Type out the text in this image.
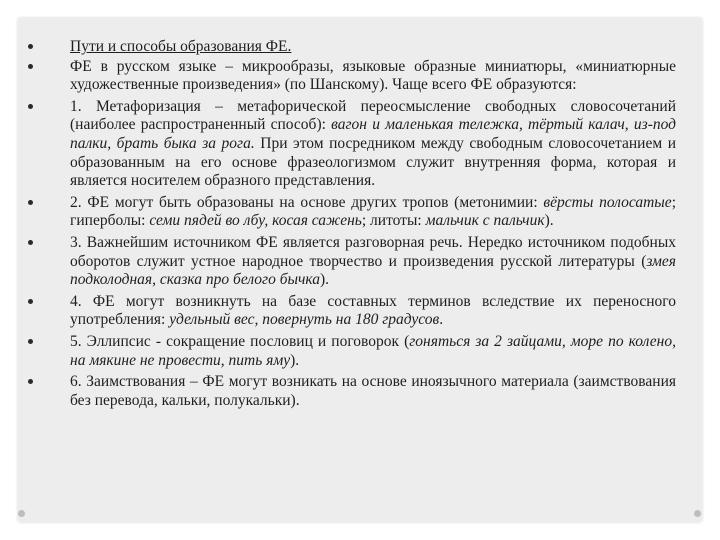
Пути и способы образования ФЕ.
ФЕ в русском языке – микрообразы, языковые образные миниатюры, «миниатюрные художественные произведения» (по Шанскому). Чаще всего ФЕ образуются:
1. Метафоризация – метафорической переосмысление свободных словосочетаний (наиболее распространенный способ): вагон и маленькая тележка, тёртый калач, из-под палки, брать быка за рога. При этом посредником между свободным словосочетанием и образованным на его основе фразеологизмом служит внутренняя форма, которая и является носителем образного представления.
2. ФЕ могут быть образованы на основе других тропов (метонимии: вёрсты полосатые; гиперболы: семи пядей во лбу, косая сажень; литоты: мальчик с пальчик).
3. Важнейшим источником ФЕ является разговорная речь. Нередко источником подобных оборотов служит устное народное творчество и произведения русской литературы (змея подколодная, сказка про белого бычка).
4. ФЕ могут возникнуть на базе составных терминов вследствие их переносного употребления: удельный вес, повернуть на 180 градусов.
5. Эллипсис - сокращение пословиц и поговорок (гоняться за 2 зайцами, море по колено, на мякине не провести, пить яму).
6. Заимствования – ФЕ могут возникать на основе иноязычного материала (заимствования без перевода, кальки, полукальки).
